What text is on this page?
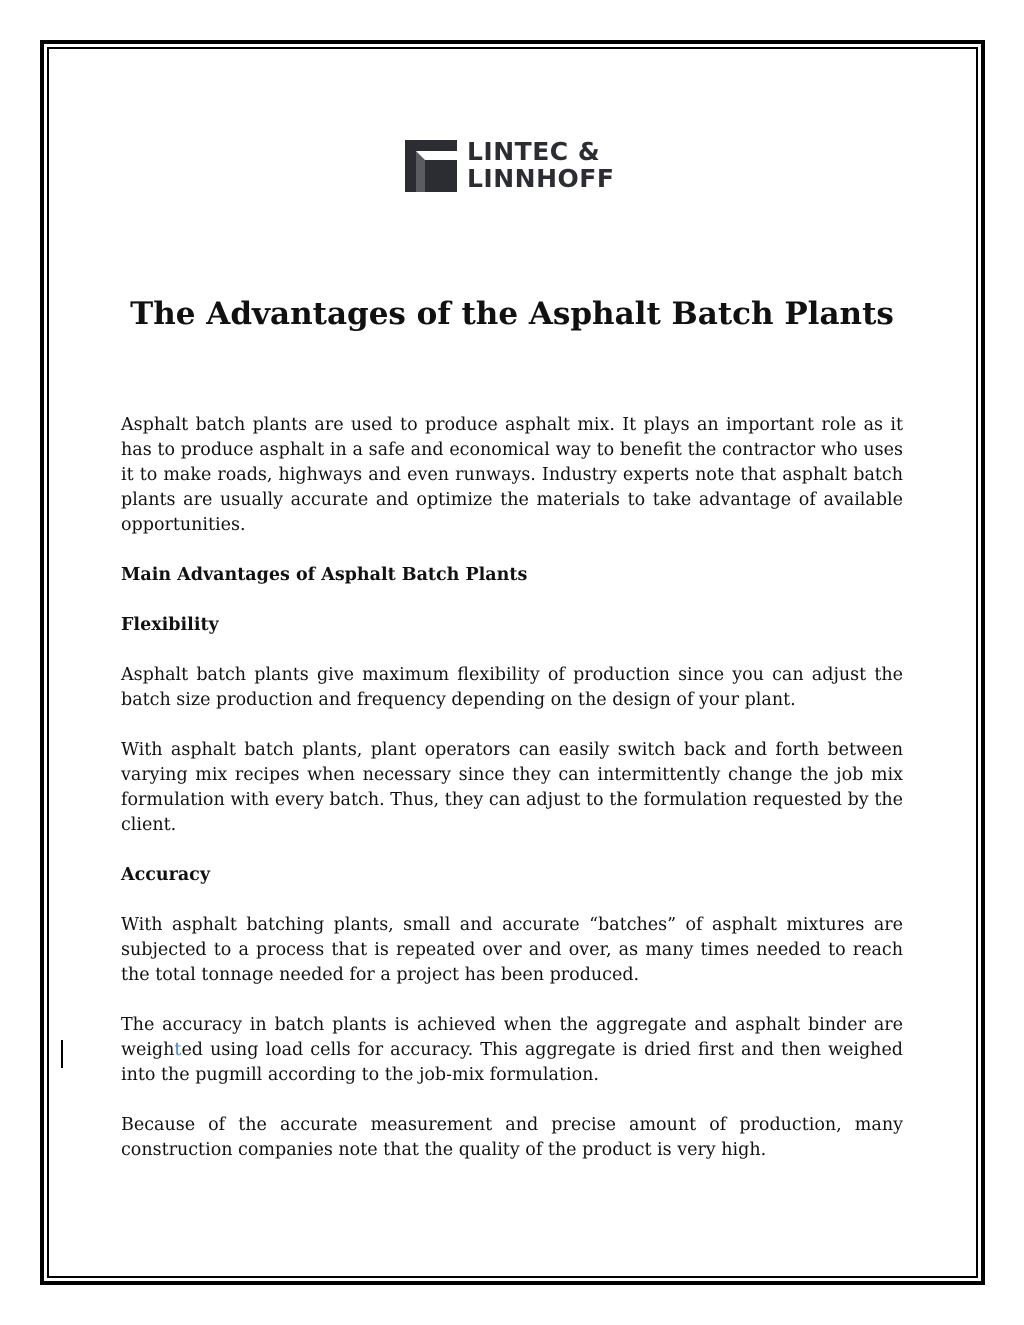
LINTEC &
LINNHOFF
The Advantages of the Asphalt Batch Plants

Asphalt batch plants are used to produce asphalt mix. It plays an important role as it has to produce asphalt in a safe and economical way to benefit the contractor who uses it to make roads, highways and even runways. Industry experts note that asphalt batch plants are usually accurate and optimize the materials to take advantage of available opportunities.

Main Advantages of Asphalt Batch Plants
Flexibility

Asphalt batch plants give maximum flexibility of production since you can adjust the batch size production and frequency depending on the design of your plant.

With asphalt batch plants, plant operators can easily switch back and forth between varying mix recipes when necessary since they can intermittently change the job mix formulation with every batch. Thus, they can adjust to the formulation requested by the client.

Accuracy

With asphalt batching plants, small and accurate “batches” of asphalt mixtures are subjected to a process that is repeated over and over, as many times needed to reach the total tonnage needed for a project has been produced.

The accuracy in batch plants is achieved when the aggregate and asphalt binder are weighted using load cells for accuracy. This aggregate is dried first and then weighed into the pugmill according to the job-mix formulation.

Because of the accurate measurement and precise amount of production, many construction companies note that the quality of the product is very high.
